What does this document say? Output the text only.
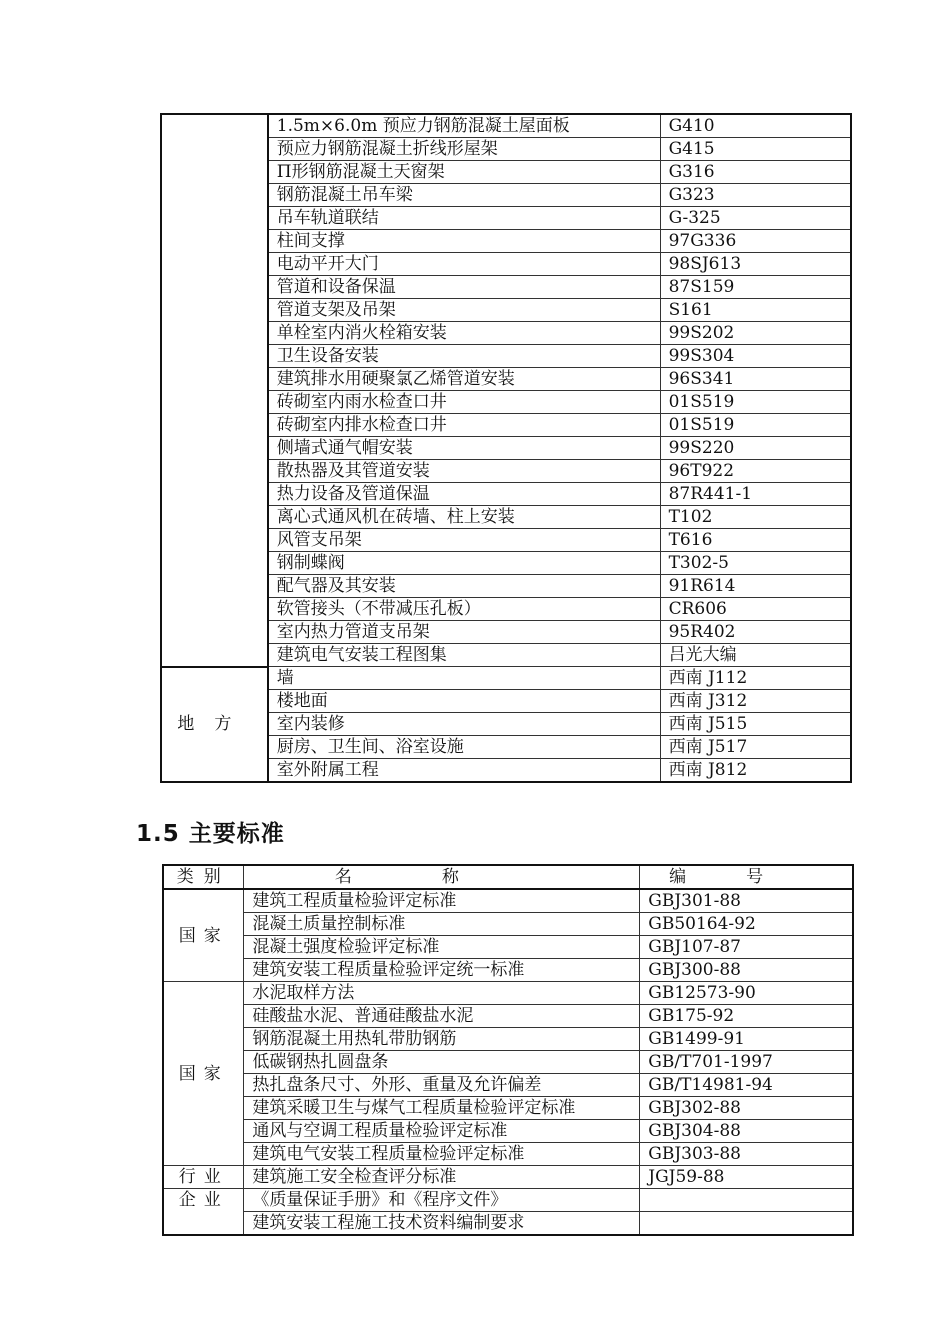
	1.5m×6.0m 预应力钢筋混凝土屋面板	G410
	预应力钢筋混凝土折线形屋架	G415
	Π形钢筋混凝土天窗架	G316
	钢筋混凝土吊车梁	G323
	吊车轨道联结	G-325
	柱间支撑	97G336
	电动平开大门	98SJ613
	管道和设备保温	87S159
	管道支架及吊架	S161
	单栓室内消火栓箱安装	99S202
	卫生设备安装	99S304
	建筑排水用硬聚氯乙烯管道安装	96S341
	砖砌室内雨水检查口井	01S519
	砖砌室内排水检查口井	01S519
	侧墙式通气帽安装	99S220
	散热器及其管道安装	96T922
	热力设备及管道保温	87R441-1
	离心式通风机在砖墙、柱上安装	T102
	风管支吊架	T616
	钢制蝶阀	T302-5
	配气器及其安装	91R614
	软管接头（不带减压孔板）	CR606
	室内热力管道支吊架	95R402
	建筑电气安装工程图集	吕光大编
地方	墙	西南 J112
	楼地面	西南 J312
	室内装修	西南 J515
	厨房、卫生间、浴室设施	西南 J517
	室外附属工程	西南 J812
1.5 主要标准
类别	名称	编号
国家	建筑工程质量检验评定标准	GBJ301-88
	混凝土质量控制标准	GB50164-92
	混凝土强度检验评定标准	GBJ107-87
	建筑安装工程质量检验评定统一标准	GBJ300-88
国家	水泥取样方法	GB12573-90
	硅酸盐水泥、普通硅酸盐水泥	GB175-92
	钢筋混凝土用热轧带肋钢筋	GB1499-91
	低碳钢热扎圆盘条	GB/T701-1997
	热扎盘条尺寸、外形、重量及允许偏差	GB/T14981-94
	建筑采暖卫生与煤气工程质量检验评定标准	GBJ302-88
	通风与空调工程质量检验评定标准	GBJ304-88
	建筑电气安装工程质量检验评定标准	GBJ303-88
行业	建筑施工安全检查评分标准	JGJ59-88
企业	《质量保证手册》和《程序文件》	
	建筑安装工程施工技术资料编制要求	
